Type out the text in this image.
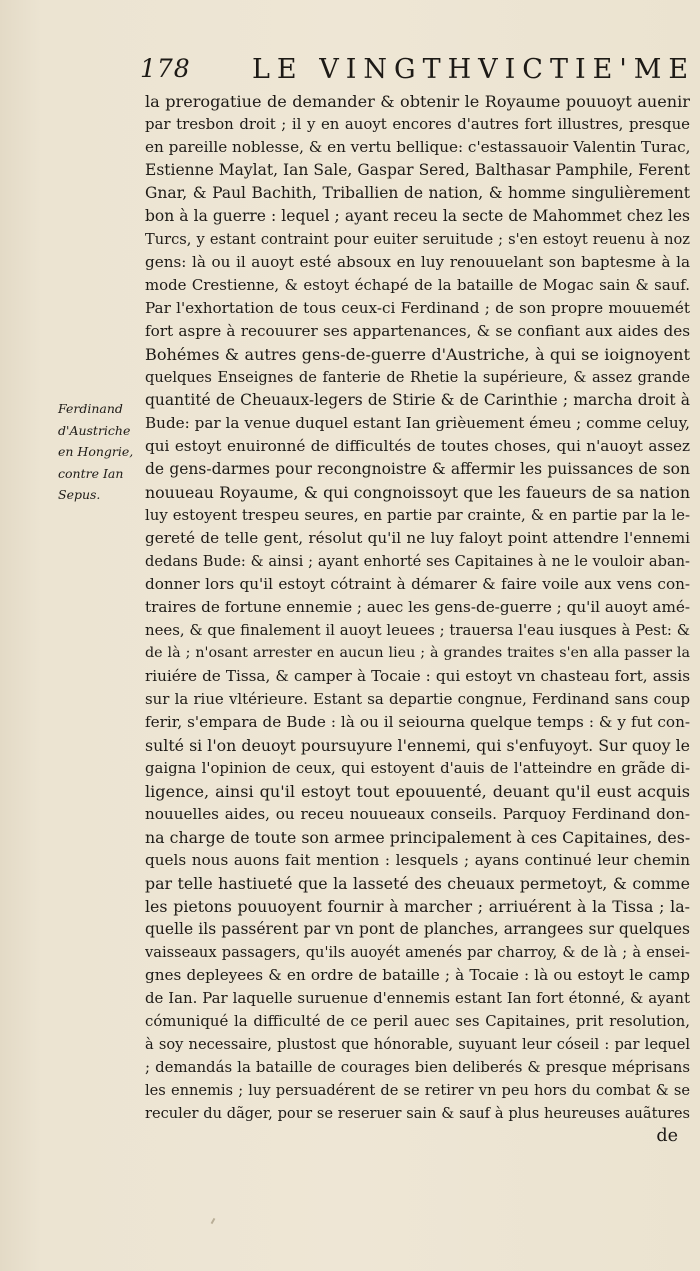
178 LE VINGTHVICTIE'ME
Ferdinand
d'Austriche
en Hongrie,
contre Ian
Sepus.
la prerogatiue de demander & obtenir le Royaume pouuoyt auenir
par tresbon droit ; il y en auoyt encores d'autres fort illustres, presque
en pareille noblesse, & en vertu bellique: c'estassauoir Valentin Turac,
Estienne Maylat, Ian Sale, Gaspar Sered, Balthasar Pamphile, Ferent
Gnar, & Paul Bachith, Triballien de nation, & homme singulièrement
bon à la guerre : lequel ; ayant receu la secte de Mahommet chez les
Turcs, y estant contraint pour euiter seruitude ; s'en estoyt reuenu à noz
gens: là ou il auoyt esté absoux en luy renouuelant son baptesme à la
mode Crestienne, & estoyt échapé de la bataille de Mogac sain & sauf.
Par l'exhortation de tous ceux-ci Ferdinand ; de son propre mouuemét
fort aspre à recouurer ses appartenances, & se confiant aux aides des
Bohémes & autres gens-de-guerre d'Austriche, à qui se ioignoyent
quelques Enseignes de fanterie de Rhetie la supérieure, & assez grande
quantité de Cheuaux-legers de Stirie & de Carinthie ; marcha droit à
Bude: par la venue duquel estant Ian grièuement émeu ; comme celuy,
qui estoyt enuironné de difficultés de toutes choses, qui n'auoyt assez
de gens-darmes pour recongnoistre & affermir les puissances de son
nouueau Royaume, & qui congnoissoyt que les faueurs de sa nation
luy estoyent trespeu seures, en partie par crainte, & en partie par la le-
gereté de telle gent, résolut qu'il ne luy faloyt point attendre l'ennemi
dedans Bude: & ainsi ; ayant enhorté ses Capitaines à ne le vouloir aban-
donner lors qu'il estoyt cótraint à démarer & faire voile aux vens con-
traires de fortune ennemie ; auec les gens-de-guerre ; qu'il auoyt amé-
nees, & que finalement il auoyt leuees ; trauersa l'eau iusques à Pest: &
de là ; n'osant arrester en aucun lieu ; à grandes traites s'en alla passer la
riuiére de Tissa, & camper à Tocaie : qui estoyt vn chasteau fort, assis
sur la riue vltérieure. Estant sa departie congnue, Ferdinand sans coup
ferir, s'empara de Bude : là ou il seiourna quelque temps : & y fut con-
sulté si l'on deuoyt poursuyure l'ennemi, qui s'enfuyoyt. Sur quoy le
gaigna l'opinion de ceux, qui estoyent d'auis de l'atteindre en grãde di-
ligence, ainsi qu'il estoyt tout epouuenté, deuant qu'il eust acquis
nouuelles aides, ou receu nouueaux conseils. Parquoy Ferdinand don-
na charge de toute son armee principalement à ces Capitaines, des-
quels nous auons fait mention : lesquels ; ayans continué leur chemin
par telle hastiueté que la lasseté des cheuaux permetoyt, & comme
les pietons pouuoyent fournir à marcher ; arriuérent à la Tissa ; la-
quelle ils passérent par vn pont de planches, arrangees sur quelques
vaisseaux passagers, qu'ils auoyét amenés par charroy, & de là ; à ensei-
gnes depleyees & en ordre de bataille ; à Tocaie : là ou estoyt le camp
de Ian. Par laquelle suruenue d'ennemis estant Ian fort étonné, & ayant
cómuniqué la difficulté de ce peril auec ses Capitaines, prit resolution,
à soy necessaire, plustost que hónorable, suyuant leur cóseil : par lequel
; demandás la bataille de courages bien deliberés & presque méprisans
les ennemis ; luy persuadérent de se retirer vn peu hors du combat & se
reculer du dãger, pour se reseruer sain & sauf à plus heureuses auãtures
de
